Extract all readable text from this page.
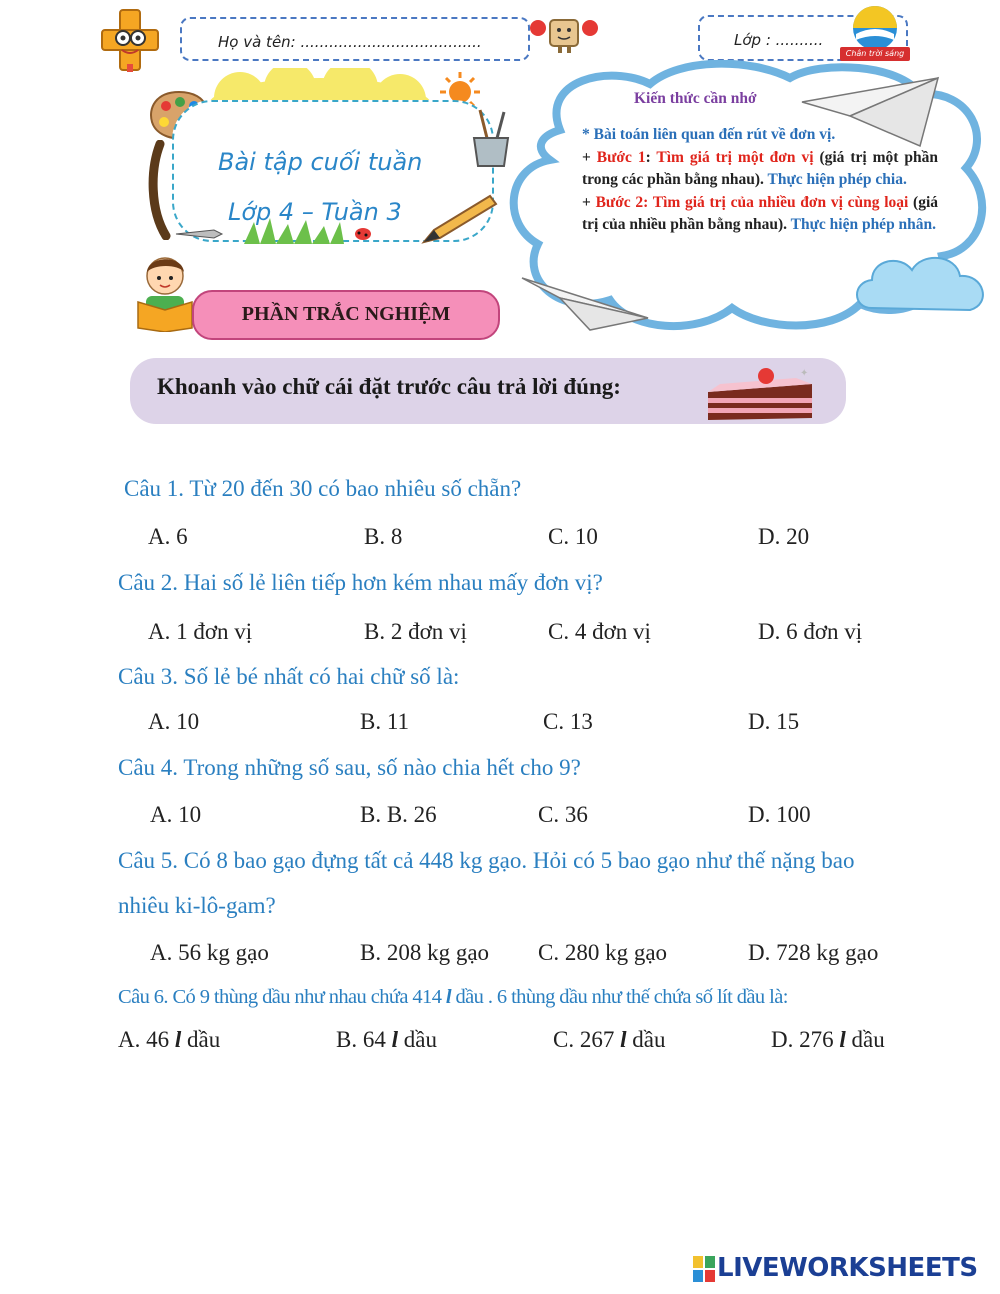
Họ và tên: ......................................	Lớp : ..........
Chân trời sáng
Bài tập cuối tuần
Lớp 4 – Tuần 3
Kiến thức cần nhớ
* Bài toán liên quan đến rút về đơn vị.
+ Bước 1: Tìm giá trị một đơn vị (giá trị một phần trong các phần bằng nhau). Thực hiện phép chia.
+ Bước 2: Tìm giá trị của nhiều đơn vị cùng loại (giá trị của nhiều phần bằng nhau). Thực hiện phép nhân.
PHẦN TRẮC NGHIỆM
Khoanh vào chữ cái đặt trước câu trả lời đúng:
✦
Câu 1. Từ 20 đến 30 có bao nhiêu số chẵn?
A. 6	B. 8	C. 10	D. 20
Câu 2. Hai số lẻ liên tiếp hơn kém nhau mấy đơn vị?
A. 1 đơn vị	B. 2 đơn vị	C. 4 đơn vị	D. 6 đơn vị
Câu 3. Số lẻ bé nhất có hai chữ số là:
A. 10	B. 11	C. 13	D. 15
Câu 4. Trong những số sau, số nào chia hết cho 9?
A. 10	B. B. 26	C. 36	D. 100
Câu 5. Có 8 bao gạo đựng tất cả 448 kg gạo. Hỏi có 5 bao gạo như thế nặng bao
nhiêu ki-lô-gam?
A. 56 kg gạo	B. 208 kg gạo C. 280 kg gạo	D. 728 kg gạo
Câu 6. Có 9 thùng dầu như nhau chứa 414 l dầu . 6 thùng dầu như thế chứa số lít dầu là:
A. 46 l dầu	B. 64 l dầu	C. 267 l dầu	D. 276 l dầu
LIVEWORKSHEETS
